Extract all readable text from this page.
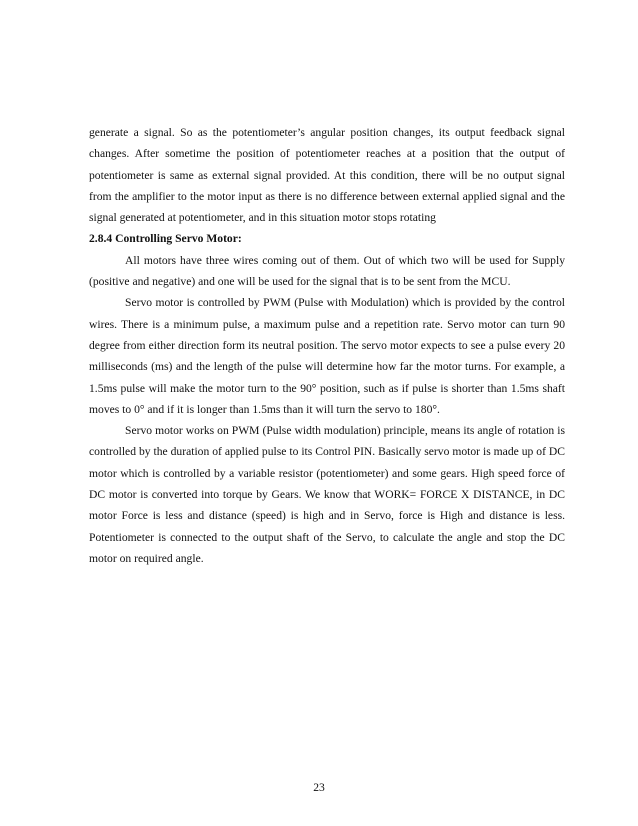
generate a signal. So as the potentiometer’s angular position changes, its output feedback signal changes. After sometime the position of potentiometer reaches at a position that the output of potentiometer is same as external signal provided. At this condition, there will be no output signal from the amplifier to the motor input as there is no difference between external applied signal and the signal generated at potentiometer, and in this situation motor stops rotating

2.8.4 Controlling Servo Motor:

All motors have three wires coming out of them. Out of which two will be used for Supply (positive and negative) and one will be used for the signal that is to be sent from the MCU.

Servo motor is controlled by PWM (Pulse with Modulation) which is provided by the control wires. There is a minimum pulse, a maximum pulse and a repetition rate. Servo motor can turn 90 degree from either direction form its neutral position. The servo motor expects to see a pulse every 20 milliseconds (ms) and the length of the pulse will determine how far the motor turns. For example, a 1.5ms pulse will make the motor turn to the 90° position, such as if pulse is shorter than 1.5ms shaft moves to 0° and if it is longer than 1.5ms than it will turn the servo to 180°.

Servo motor works on PWM (Pulse width modulation) principle, means its angle of rotation is controlled by the duration of applied pulse to its Control PIN. Basically servo motor is made up of DC motor which is controlled by a variable resistor (potentiometer) and some gears. High speed force of DC motor is converted into torque by Gears. We know that WORK= FORCE X DISTANCE, in DC motor Force is less and distance (speed) is high and in Servo, force is High and distance is less. Potentiometer is connected to the output shaft of the Servo, to calculate the angle and stop the DC motor on required angle.

23
